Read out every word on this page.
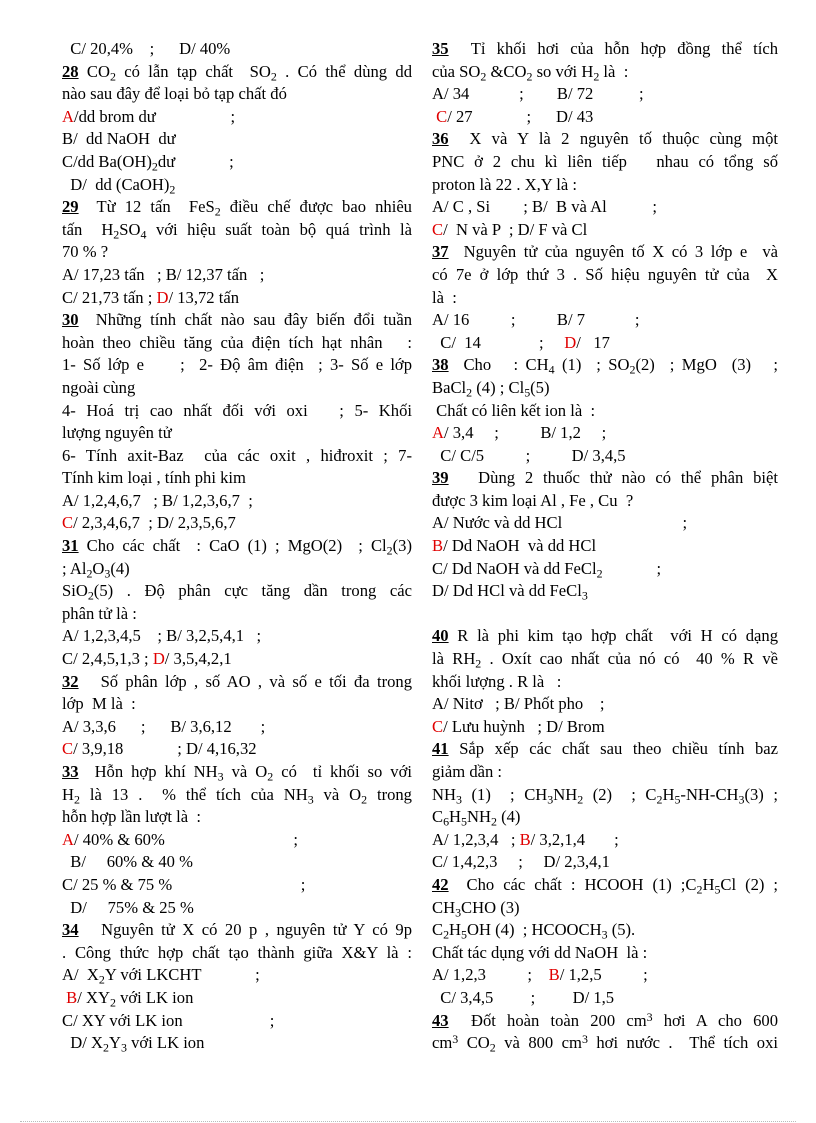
C/ 20,4%    ;      D/ 40%
28 $CO_2$ có lẫn tạp chất  $SO_2$ . Có thể dùng dd
nào sau đây để loại bỏ tạp chất đó
A/dd brom dư                  ;
B/  dd NaOH  dư
C/dd $Ba(OH)_2dư$             ;
D/  dd $(CaOH)_2$
29  Từ 12 tấn  FeS$_2$ điều chế được bao nhiêu
tấn  $H_2SO_4$ với hiệu suất toàn bộ quá trình là
70 % ?
A/ 17,23 tấn   ; B/ 12,37 tấn   ;
C/ 21,73 tấn ; D/ 13,72 tấn
30  Những tính chất nào sau đây biến đổi tuần
hoàn theo chiều tăng của điện tích hạt nhân   :
1- Số lớp e     ;  2- Độ âm điện  ; 3- Số e lớp
ngoài cùng
4- Hoá trị cao nhất đối với oxi   ; 5- Khối
lượng nguyên tử
6- Tính axit-Baz  của các oxit , hiđroxit ; 7-
Tính kim loại , tính phi kim
A/ 1,2,4,6,7   ; B/ 1,2,3,6,7  ;
C/ 2,3,4,6,7  ; D/ 2,3,5,6,7
31 Cho các chất  : CaO (1) ; MgO(2)  ; $Cl_2(3)$
; $Al_2O_3(4)$
SiO$_2$(5) . Độ phân cực tăng dần trong các
phân tử là :
A/ 1,2,3,4,5    ; B/ 3,2,5,4,1   ;
C/ 2,4,5,1,3 ; D/ 3,5,4,2,1
32   Số phân lớp , số AO , và số e tối đa trong
lớp  M là  :
A/ 3,3,6      ;      B/ 3,6,12       ;
C/ 3,9,18             ; D/ 4,16,32
33  Hỗn hợp khí $NH_3$ và $O_2$ có  tỉ khối so với
$H_2$ là 13 .  % thể tích của $NH_3$ và $O_2$ trong
hỗn hợp lần lượt là  :
A/ 40% & 60%                               ;
B/     60% & 40 %
C/ 25 % & 75 %                               ;
D/     75% & 25 %
34   Nguyên tử X có 20 p , nguyên tử Y có 9p
. Công thức hợp chất tạo thành giữa X&Y là :
A/  $X_2Y$ với LKCHT             ;
B/ $XY_2$ với LK ion
C/ XY với LK ion                     ;
D/ $X_2Y_3$ với LK ion
35  Tỉ khối hơi của hỗn hợp đồng thể tích
của $SO_2$ $\&CO_2$ so với $H_2$ là  :
A/ 34            ;        B/ 72           ;
C/ 27             ;      D/ 43
36  X và Y là 2 nguyên tố thuộc cùng một
PNC ở 2 chu kì liên tiếp   nhau có tổng số
proton là 22 . X,Y là :
A/ C , Si        ; B/  B và Al           ;
C/  N và P  ; D/ F và Cl
37  Nguyên tử của nguyên tố X có 3 lớp e  và
có 7e ở lớp thứ 3 . Số hiệu nguyên tử của  X
là  :
A/ 16          ;          B/ 7            ;
C/  14              ;     D/   17
38  Cho   : $CH_4$ (1)  ; $SO_2(2)$  ; MgO  (3)   ;
BaCl$_2$ (4) ; $Cl_5(5)$
Chất có liên kết ion là  :
A/ 3,4     ;          B/ 1,2     ;
C/ C/5          ;          D/ 3,4,5
39   Dùng 2 thuốc thử nào có thể phân biệt
được 3 kim loại Al , Fe , Cu  ?
A/ Nước và dd HCl                             ;
B/ Dd NaOH  và dd HCl
C/ Dd NaOH và dd FeCl$_2$             ;
D/ Dd HCl và dd FeCl$_3$
40 R là phi kim tạo hợp chất  với H có dạng
là $RH_2$ . Oxít cao nhất của nó có  40 % R về
khối lượng . R là   :
A/ Nitơ   ; B/ Phốt pho    ;
C/ Lưu huỳnh   ; D/ Brom
41 Sắp xếp các chất sau theo chiều tính baz
giảm dần :
$NH_3$ (1)  ; $CH_3NH_2$ (2)  ; $C_2H_5-NH-CH_3(3)$ ;
$C_6H_5NH_2$ (4)
A/ 1,2,3,4   ; B/ 3,2,1,4       ;
C/ 1,4,2,3     ;     D/ 2,3,4,1
42  Cho các chất : HCOOH (1) $;C_2H_5Cl$ (2) ;
$CH_3CHO$ (3)
$C_2H_5OH$ (4)  ; $HCOOCH_3$ (5).
Chất tác dụng với dd NaOH  là :
A/ 1,2,3          ;    B/ 1,2,5          ;
C/ 3,4,5         ;         D/ 1,5
43  Đốt hoàn toàn 200 $cm^3$ hơi A cho 600
$cm^3$ $CO_2$ và 800 $cm^3$ hơi nước .  Thể tích oxi
